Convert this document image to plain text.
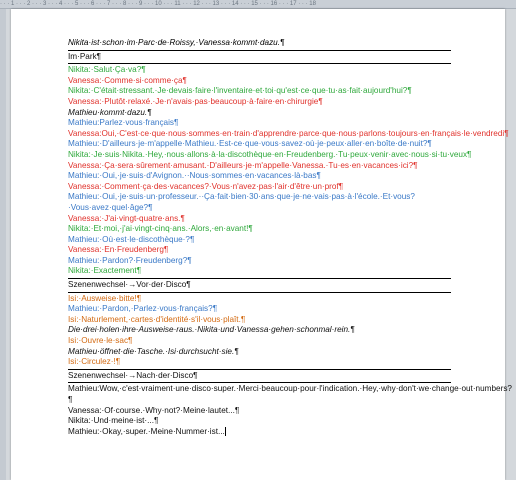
· · · 1 · · · 2 · · · 3 · · · 4 · · · 5 · · · 6 · · · 7 · · · 8 · · · 9 · · · 10 · · · 11 · · · 12 · · · 13 · · · 14 · · · 15 · · · 16 · · · 17 · · · 18
Nikita·ist·schon·im·Parc·de·Roissy,·Vanessa·kommt·dazu.¶
Im·Park¶
Nikita:·Salut·Ça·va?¶
Vanessa:·Comme·si·comme·ça¶
Nikita:·C'était·stressant.·Je·devais·faire·l'inventaire·et·toi·qu'est·ce·que·tu·as·fait·aujourd'hui?¶
Vanessa:·Plutôt·relaxé.·Je·n'avais·pas·beaucoup·à·faire·en·chirurgie¶
Mathieu·kommt·dazu.¶
Mathieu:Parlez·vous·français¶
Vanessa:Oui,·C'est·ce·que·nous·sommes·en·train·d'apprendre·parce·que·nous·parlons·toujours·en·français·le·vendredi¶
Mathieu:·D'ailleurs·je·m'appelle·Mathieu.·Est-ce·que·vous·savez·où·je·peux·aller·en·boîte·de·nuit?¶
Nikita:·Je·suis·Nikita.·Hey,·nous·allons·à·la·discothèque·en·Freudenberg.·Tu·peux·venir·avec·nous·si·tu·veux¶
Vanessa:·Ça·sera·sûrement·amusant.·D'ailleurs·je·m'appelle·Vanessa.·Tu·es·en·vacances·ici?¶
Mathieu:·Oui,·je·suis·d'Avignon.··Nous·sommes·en·vacances·là-bas¶
Vanessa:·Comment·ça·des·vacances?·Vous·n'avez·pas·l'air·d'être·un·prof¶
Mathieu:·Oui,·je·suis·un·professeur.··Ça·fait·bien·30·ans·que·je·ne·vais·pas·à·l'école.·Et·vous?·Vous·avez·quel·âge?¶
Vanessa:·J'ai·vingt-quatre·ans.¶
Nikita:·Et·moi,·j'ai·vingt-cinq·ans.·Alors,·en·avant!¶
Mathieu:·Où·est·le·discothèque·?¶
Vanessa:·En·Freudenberg¶
Mathieu:·Pardon?·Freudenberg?¶
Nikita:·Exactement¶
Szenenwechsel·→Vor·der·Disco¶
Isi:·Ausweise·bitte!¶
Mathieu:·Pardon,·Parlez·vous·français?¶
Isi:·Naturlement,·cartes·d'identité·s'il·vous·plaît.¶
Die·drei·holen·ihre·Ausweise·raus.·Nikita·und·Vanessa·gehen·schonmal·rein.¶
Isi:·Ouvre·le·sac¶
Mathieu·öffnet·die·Tasche.·Isi·durchsucht·sie.¶
Isi:·Circulez·!¶
Szenenwechsel·→Nach·der·Disco¶
Mathieu:Wow,·c'est·vraiment·une·disco·super.·Merci·beaucoup·pour·l'indication.·Hey,·why·don't·we·change·out·numbers?¶
Vanessa:·Of·course.·Why·not?·Meine·lautet...¶
Nikita:·Und·meine·ist·...¶
Mathieu:·Okay,·super.·Meine·Nummer·ist...
